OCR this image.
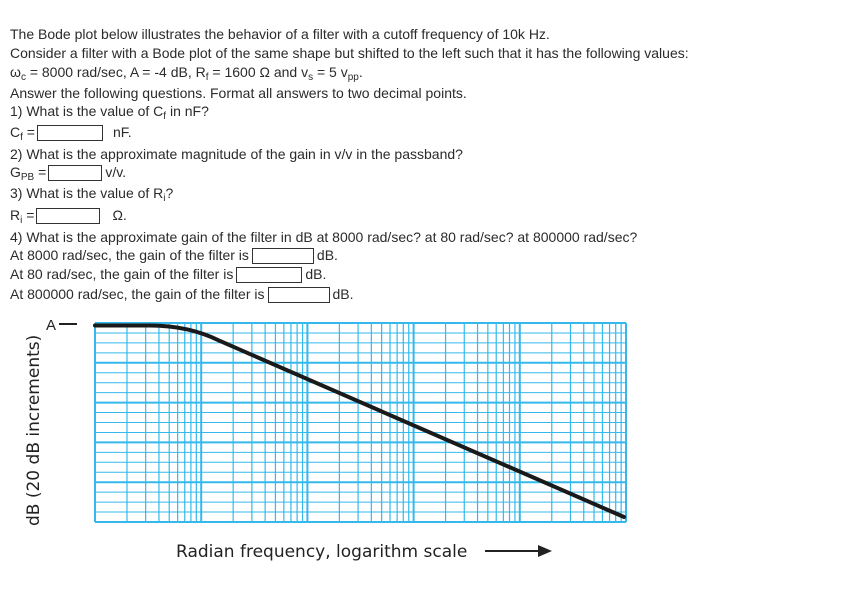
The Bode plot below illustrates the behavior of a filter with a cutoff frequency of 10k Hz.
Consider a filter with a Bode plot of the same shape but shifted to the left such that it has the following values:
$\omega_c = 8000$ rad/sec, A = -4 dB, $R_f = 1600$ Ω and $v_s = 5$ $v_{pp}$.
Answer the following questions. Format all answers to two decimal points.
1) What is the value of $C_f$ in nF?
$C_f$ =	nF.
2) What is the approximate magnitude of the gain in v/v in the passband?
$G_{PB}$ =	v/v.
3) What is the value of $R_i$?
$R_i$ =	Ω.
4) What is the approximate gain of the filter in dB at 8000 rad/sec? at 80 rad/sec? at 800000 rad/sec?
At 8000 rad/sec, the gain of the filter is	dB.
At 80 rad/sec, the gain of the filter is	dB.
At 800000 rad/sec, the gain of the filter is	dB.
A
dB (20 dB increments)
Radian frequency, logarithm scale
